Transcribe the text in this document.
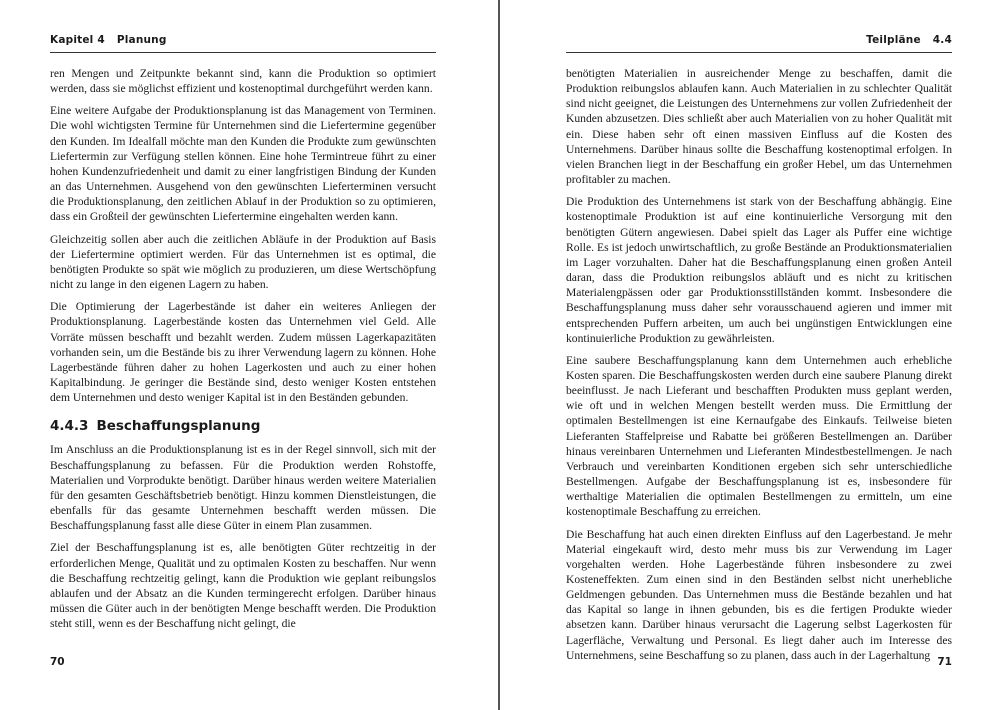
Kapitel 4 Planung

ren Mengen und Zeitpunkte bekannt sind, kann die Produktion so optimiert werden, dass sie möglichst effizient und kostenoptimal durchgeführt werden kann.

Eine weitere Aufgabe der Produktionsplanung ist das Management von Terminen. Die wohl wichtigsten Termine für Unternehmen sind die Liefertermine gegenüber den Kunden. Im Idealfall möchte man den Kunden die Produkte zum gewünschten Liefertermin zur Verfügung stellen können. Eine hohe Termintreue führt zu einer hohen Kundenzufriedenheit und damit zu einer langfristigen Bindung der Kunden an das Unternehmen. Ausgehend von den gewünschten Lieferterminen versucht die Produktionsplanung, den zeitlichen Ablauf in der Produktion so zu optimieren, dass ein Großteil der gewünschten Liefertermine eingehalten werden kann.

Gleichzeitig sollen aber auch die zeitlichen Abläufe in der Produktion auf Basis der Liefertermine optimiert werden. Für das Unternehmen ist es optimal, die benötigten Produkte so spät wie möglich zu produzieren, um diese Wertschöpfung nicht zu lange in den eigenen Lagern zu haben.

Die Optimierung der Lagerbestände ist daher ein weiteres Anliegen der Produktionsplanung. Lagerbestände kosten das Unternehmen viel Geld. Alle Vorräte müssen beschafft und bezahlt werden. Zudem müssen Lagerkapazitäten vorhanden sein, um die Bestände bis zu ihrer Verwendung lagern zu können. Hohe Lagerbestände führen daher zu hohen Lagerkosten und auch zu einer hohen Kapitalbindung. Je geringer die Bestände sind, desto weniger Kosten entstehen dem Unternehmen und desto weniger Kapital ist in den Beständen gebunden.

4.4.3 Beschaffungsplanung

Im Anschluss an die Produktionsplanung ist es in der Regel sinnvoll, sich mit der Beschaffungsplanung zu befassen. Für die Produktion werden Rohstoffe, Materialien und Vorprodukte benötigt. Darüber hinaus werden weitere Materialien für den gesamten Geschäftsbetrieb benötigt. Hinzu kommen Dienstleistungen, die ebenfalls für das gesamte Unternehmen beschafft werden müssen. Die Beschaffungsplanung fasst alle diese Güter in einem Plan zusammen.

Ziel der Beschaffungsplanung ist es, alle benötigten Güter rechtzeitig in der erforderlichen Menge, Qualität und zu optimalen Kosten zu beschaffen. Nur wenn die Beschaffung rechtzeitig gelingt, kann die Produktion wie geplant reibungslos ablaufen und der Absatz an die Kunden termingerecht erfolgen. Darüber hinaus müssen die Güter auch in der benötigten Menge beschafft werden. Die Produktion steht still, wenn es der Beschaffung nicht gelingt, die

70
Teilpläne 4.4

benötigten Materialien in ausreichender Menge zu beschaffen, damit die Produktion reibungslos ablaufen kann. Auch Materialien in zu schlechter Qualität sind nicht geeignet, die Leistungen des Unternehmens zur vollen Zufriedenheit der Kunden abzusetzen. Dies schließt aber auch Materialien von zu hoher Qualität mit ein. Diese haben sehr oft einen massiven Einfluss auf die Kosten des Unternehmens. Darüber hinaus sollte die Beschaffung kostenoptimal erfolgen. In vielen Branchen liegt in der Beschaffung ein großer Hebel, um das Unternehmen profitabler zu machen.

Die Produktion des Unternehmens ist stark von der Beschaffung abhängig. Eine kostenoptimale Produktion ist auf eine kontinuierliche Versorgung mit den benötigten Gütern angewiesen. Dabei spielt das Lager als Puffer eine wichtige Rolle. Es ist jedoch unwirtschaftlich, zu große Bestände an Produktionsmaterialien im Lager vorzuhalten. Daher hat die Beschaffungsplanung einen großen Anteil daran, dass die Produktion reibungslos abläuft und es nicht zu kritischen Materialengpässen oder gar Produktionsstillständen kommt. Insbesondere die Beschaffungsplanung muss daher sehr vorausschauend agieren und immer mit entsprechenden Puffern arbeiten, um auch bei ungünstigen Entwicklungen eine kontinuierliche Produktion zu gewährleisten.

Eine saubere Beschaffungsplanung kann dem Unternehmen auch erhebliche Kosten sparen. Die Beschaffungskosten werden durch eine saubere Planung direkt beeinflusst. Je nach Lieferant und beschafften Produkten muss geplant werden, wie oft und in welchen Mengen bestellt werden muss. Die Ermittlung der optimalen Bestellmengen ist eine Kernaufgabe des Einkaufs. Teilweise bieten Lieferanten Staffelpreise und Rabatte bei größeren Bestellmengen an. Darüber hinaus vereinbaren Unternehmen und Lieferanten Mindestbestellmengen. Je nach Verbrauch und vereinbarten Konditionen ergeben sich sehr unterschiedliche Bestellmengen. Aufgabe der Beschaffungsplanung ist es, insbesondere für werthaltige Materialien die optimalen Bestellmengen zu ermitteln, um eine kostenoptimale Beschaffung zu erreichen.

Die Beschaffung hat auch einen direkten Einfluss auf den Lagerbestand. Je mehr Material eingekauft wird, desto mehr muss bis zur Verwendung im Lager vorgehalten werden. Hohe Lagerbestände führen insbesondere zu zwei Kosteneffekten. Zum einen sind in den Beständen selbst nicht unerhebliche Geldmengen gebunden. Das Unternehmen muss die Bestände bezahlen und hat das Kapital so lange in ihnen gebunden, bis es die fertigen Produkte wieder absetzen kann. Darüber hinaus verursacht die Lagerung selbst Lagerkosten für Lagerfläche, Verwaltung und Personal. Es liegt daher auch im Interesse des Unternehmens, seine Beschaffung so zu planen, dass auch in der Lagerhaltung

71
